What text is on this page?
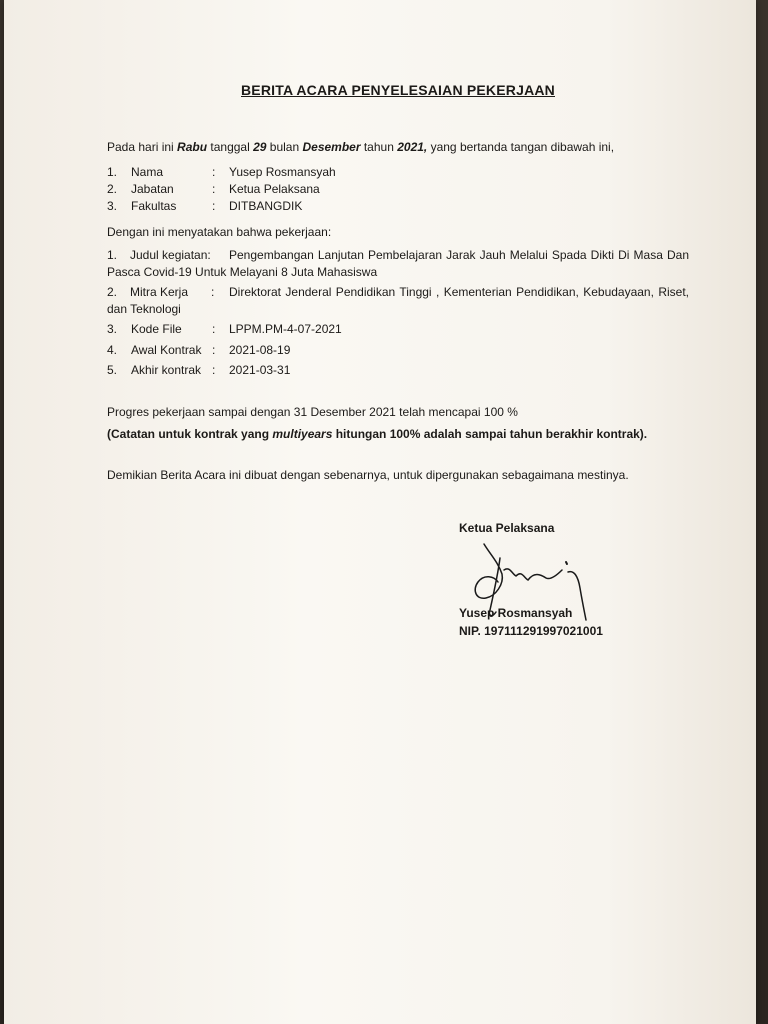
BERITA ACARA PENYELESAIAN PEKERJAAN
Pada hari ini Rabu tanggal 29 bulan Desember tahun 2021, yang bertanda tangan dibawah ini,
1. Nama	: Yusep Rosmansyah
2. Jabatan	: Ketua Pelaksana
3. Fakultas	: DITBANGDIK
Dengan ini menyatakan bahwa pekerjaan:
1. Judul kegiatan:	Pengembangan Lanjutan Pembelajaran Jarak Jauh Melalui Spada Dikti Di Masa Dan Pasca Covid-19 Untuk Melayani 8 Juta Mahasiswa
2. Mitra Kerja :	Direktorat Jenderal Pendidikan Tinggi , Kementerian Pendidikan, Kebudayaan, Riset, dan Teknologi
3. Kode File	: LPPM.PM-4-07-2021
4. Awal Kontrak : 2021-08-19
5. Akhir kontrak : 2021-03-31
Progres pekerjaan sampai dengan 31 Desember 2021 telah mencapai 100 %
(Catatan untuk kontrak yang multiyears hitungan 100% adalah sampai tahun berakhir kontrak).
Demikian Berita Acara ini dibuat dengan sebenarnya, untuk dipergunakan sebagaimana mestinya.
Ketua Pelaksana
Yusep Rosmansyah
NIP. 197111291997021001
